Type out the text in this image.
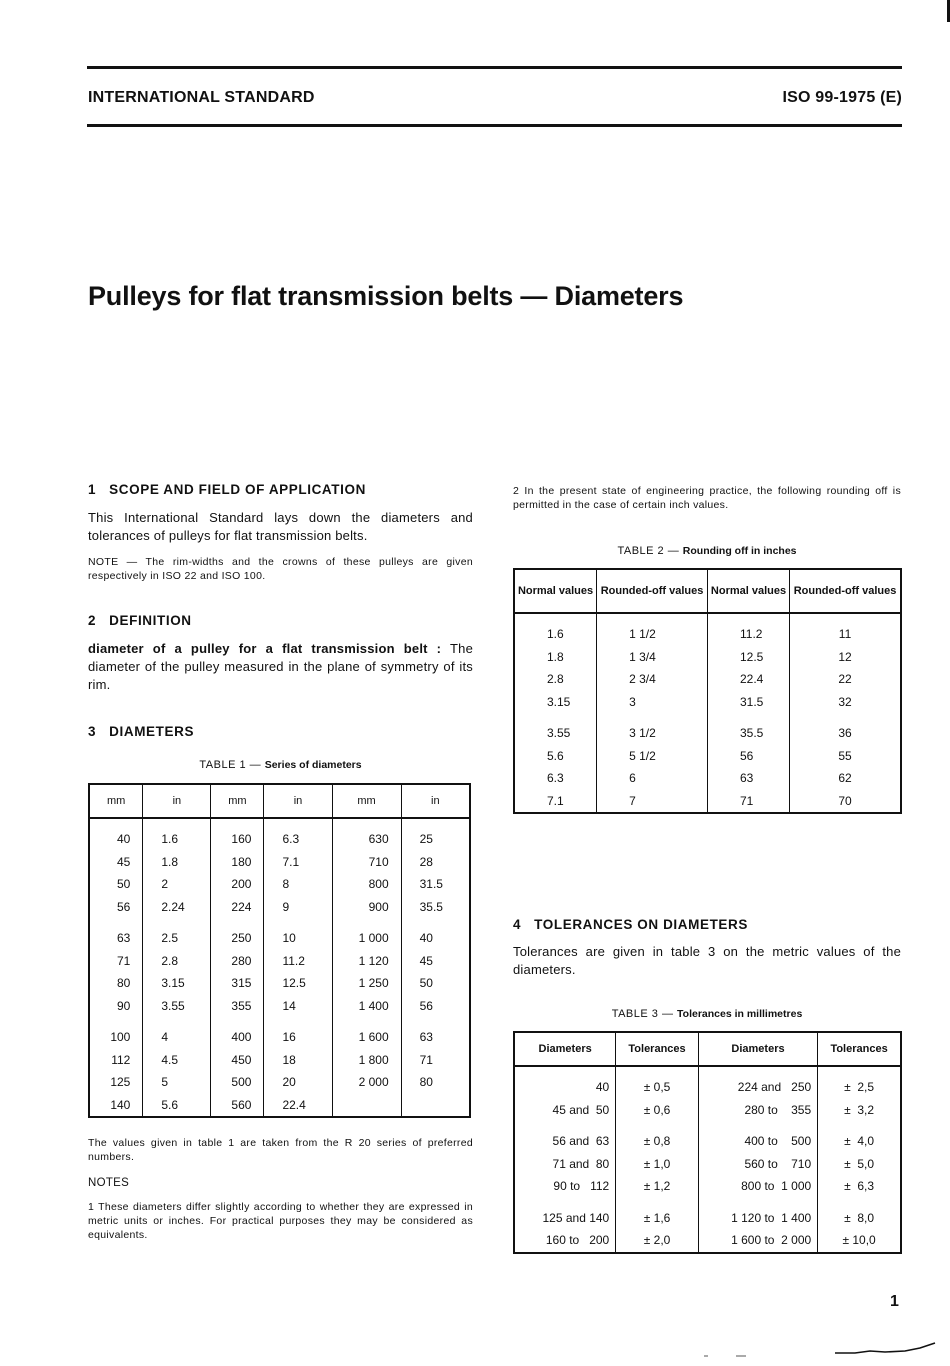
INTERNATIONAL STANDARD	ISO 99-1975 (E)
Pulleys for flat transmission belts — Diameters
1   SCOPE AND FIELD OF APPLICATION

This International Standard lays down the diameters and tolerances of pulleys for flat transmission belts.

NOTE — The rim-widths and the crowns of these pulleys are given respectively in ISO 22 and ISO 100.

2   DEFINITION

diameter of a pulley for a flat transmission belt : The diameter of the pulley measured in the plane of symmetry of its rim.

3   DIAMETERS
TABLE 1 — Series of diameters
mm	in	mm	in	mm	in
40	1.6	160	6.3	630	25
45	1.8	180	7.1	710	28
50	2	200	8	800	31.5
56	2.24	224	9	900	35.5
63	2.5	250	10	1 000	40
71	2.8	280	11.2	1 120	45
80	3.15	315	12.5	1 250	50
90	3.55	355	14	1 400	56
100	4	400	16	1 600	63
112	4.5	450	18	1 800	71
125	5	500	20	2 000	80
140	5.6	560	22.4		

The values given in table 1 are taken from the R 20 series of preferred numbers.

NOTES

1 These diameters differ slightly according to whether they are expressed in metric units or inches. For practical purposes they may be considered as equivalents.

2 In the present state of engineering practice, the following rounding off is permitted in the case of certain inch values.

TABLE 2 — Rounding off in inches
Normal values	Rounded-off values	Normal values	Rounded-off values
1.6	1 1/2	11.2	11
1.8	1 3/4	12.5	12
2.8	2 3/4	22.4	22
3.15	3	31.5	32
3.55	3 1/2	35.5	36
5.6	5 1/2	56	55
6.3	6	63	62
7.1	7	71	70
4   TOLERANCES ON DIAMETERS

Tolerances are given in table 3 on the metric values of the diameters.

TABLE 3 — Tolerances in millimetres
Diameters	Tolerances	Diameters	Tolerances
40	± 0,5	224 and   250	±  2,5
45 and  50	± 0,6	280 to    355	±  3,2
56 and  63	± 0,8	400 to    500	±  4,0
71 and  80	± 1,0	560 to    710	±  5,0
90 to   112	± 1,2	800 to  1 000	±  6,3
125 and 140	± 1,6	1 120 to  1 400	±  8,0
160 to   200	± 2,0	1 600 to  2 000	± 10,0
1
